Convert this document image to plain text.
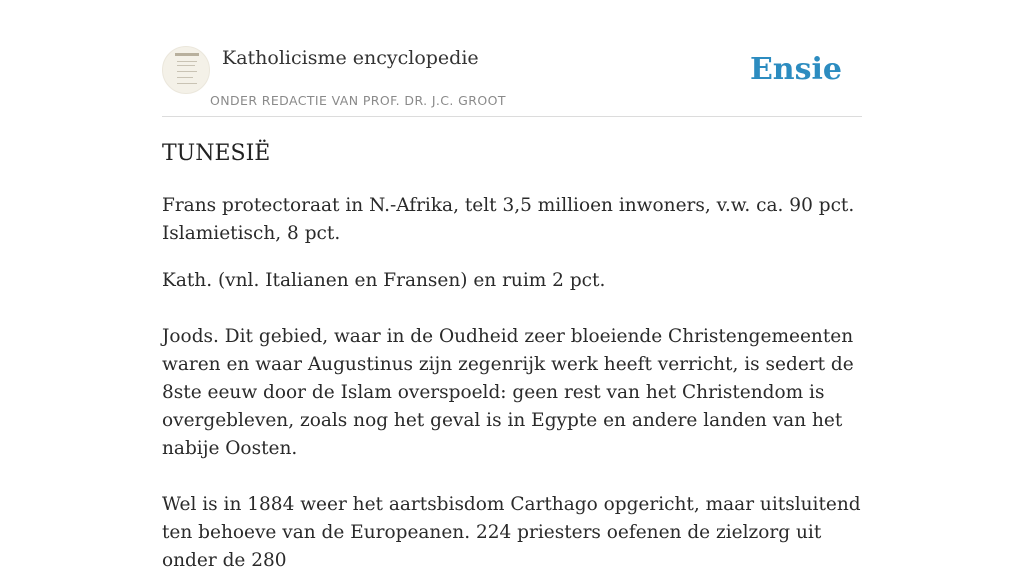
Katholicisme encyclopedie
ONDER REDACTIE VAN PROF. DR. J.C. GROOT
Ensie
TUNESIË

Frans protectoraat in N.-Afrika, telt 3,5 millioen inwoners, v.w. ca. 90 pct. Islamietisch, 8 pct.

Kath. (vnl. Italianen en Fransen) en ruim 2 pct.

Joods. Dit gebied, waar in de Oudheid zeer bloeiende Christengemeenten waren en waar Augustinus zijn zegenrijk werk heeft verricht, is sedert de 8ste eeuw door de Islam overspoeld: geen rest van het Christendom is overgebleven, zoals nog het geval is in Egypte en andere landen van het nabije Oosten.

Wel is in 1884 weer het aartsbisdom Carthago opgericht, maar uitsluitend ten behoeve van de Europeanen. 224 priesters oefenen de zielzorg uit onder de 280
